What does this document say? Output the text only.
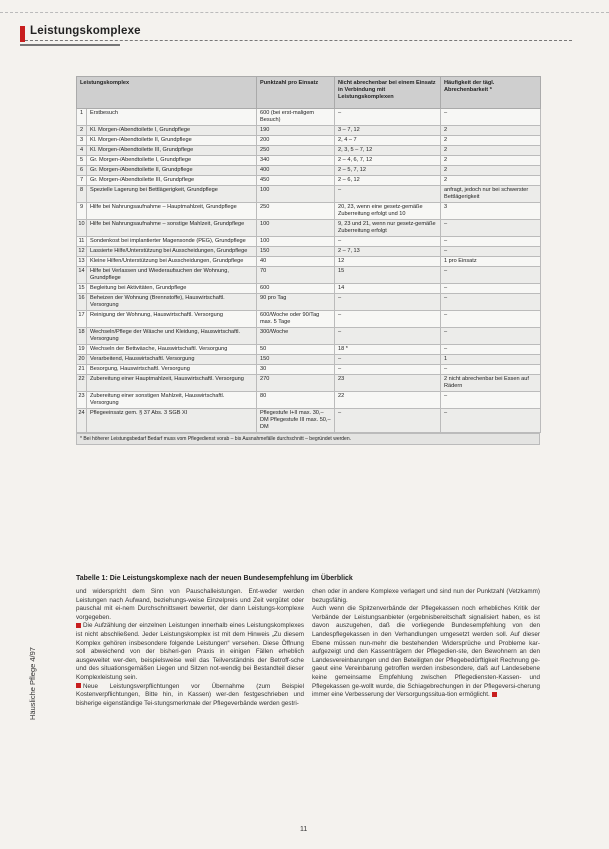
Leistungskomplexe
Leistungskomplex		Punktzahl pro Einsatz	Nicht abrechenbar bei einem Einsatz in Verbindung mit Leistungskomplexen	Häufigkeit der tägl. Abrechenbarkeit *
1	Erstbesuch	600 (bei erst-maligem Besuch)	–	–
2	Kl. Morgen-/Abendtoilette I, Grundpflege	190	3 – 7, 12	2
3	Kl. Morgen-/Abendtoilette II, Grundpflege	200	2, 4 – 7	2
4	Kl. Morgen-/Abendtoilette III, Grundpflege	250	2, 3, 5 – 7, 12	2
5	Gr. Morgen-/Abendtoilette I, Grundpflege	340	2 – 4, 6, 7, 12	2
6	Gr. Morgen-/Abendtoilette II, Grundpflege	400	2 – 5, 7, 12	2
7	Gr. Morgen-/Abendtoilette III, Grundpflege	450	2 – 6, 12	2
8	Spezielle Lagerung bei Bettlägerigkeit, Grundpflege	100	–	anfragt, jedoch nur bei schwerster Bettlägerigkeit
9	Hilfe bei Nahrungsaufnahme – Hauptmahlzeit, Grundpflege	250	20, 23, wenn eine gesetz-gemäße Zuberreitung erfolgt und 10	3
10	Hilfe bei Nahrungsaufnahme – sonstige Mahlzeit, Grundpflege	100	9, 23 und 21, wenn nur gesetz-gemäße Zuberreitung erfolgt	–
11	Sondenkost bei implantierter Magensonde (PEG), Grundpflege	100	–	–
12	Lassierte Hilfe/Unterstützung bei Ausscheidungen, Grundpflege	150	2 – 7, 13	–
13	Kleine Hilfen/Unterstützung bei Ausscheidungen, Grundpflege	40	12	1 pro Einsatz
14	Hilfe bei Verlassen und Wiederaufsuchen der Wohnung, Grundpflege	70	15	–
15	Begleitung bei Aktivitäten, Grundpflege	600	14	–
16	Beheizen der Wohnung (Brennstoffe), Hauswirtschaftl. Versorgung	90 pro Tag	–	–
17	Reinigung der Wohnung, Hauswirtschaftl. Versorgung	600/Woche oder 90/Tag max. 5 Tage	–	–
18	Wechseln/Pflege der Wäsche und Kleidung, Hauswirtschaftl. Versorgung	300/Woche	–	–
19	Wechseln der Bettwäsche, Hauswirtschaftl. Versorgung	50	18 *	–
20	Verarbeitend, Hauswirtschaftl. Versorgung	150	–	1
21	Besorgung, Hauswirtschaftl. Versorgung	30	–	–
22	Zubereitung einer Hauptmahlzeit, Hauswirtschaftl. Versorgung	270	23	2 nicht abrechenbar bei Essen auf Rädern
23	Zubereitung einer sonstigen Mahlzeit, Hauswirtschaftl. Versorgung	80	22	–
24	Pflegeeinsatz gem. § 37 Abs. 3 SGB XI	Pflegestufe I+II max. 30,– DM Pflegestufe III max. 50,– DM	–	–
* Bei höherer Leistungsbedarf Bedarf muss vom Pflegedienst vorab – bis Ausnahmefälle durchschnitt – begründet werden.
Tabelle 1: Die Leistungskomplexe nach der neuen Bundesempfehlung im Überblick

und widerspricht dem Sinn von Pauschalleistungen. Ent-weder werden Leistungen nach Aufwand, beziehungs-weise Einzelpreis und Zeit vergütet oder pauschal mit ei-nem Durchschnittswert bewertet, der dann Leistungs-komplexe vorgegeben.

Die Aufzählung der einzelnen Leistungen innerhalb eines Leistungskomplexes ist nicht abschließend. Jeder Leistungskomplex ist mit dem Hinweis „Zu diesem Komplex gehören insbesondere folgende Leistungen“ versehen. Diese Öffnung soll abweichend von der bisheri-gen Praxis in einigen Fällen erheblich ausgeweitet wer-den, beispielsweise weil das Teilverständnis der Betroff-sche und des situationsgemäßen Liegen und Sitzen not-wendig bei Bestandteil dieser Komplexleistung sein.

Neue Leistungsverpflichtungen vor Übernahme (zum Beispiel Kostenverpflichtungen, Bitte hin, in Kassen) wer-den festgeschrieben und bisherige eigenständige Tei-stungsmerkmale der Pflegeverbände werden gestri-

chen oder in andere Komplexe verlagert und sind nun der Punktzahl (Vetzkamm) bezugsfähig.

Auch wenn die Spitzenverbände der Pflegekassen noch erhebliches Kritik der Verbände der Leistungsanbieter (ergebnisbereitschaft signalisiert haben, es ist davon auszugehen, daß die vorliegende Bundesempfehlung von den Landespflegekassen in den Verhandlungen umgesetzt werden soll. Auf dieser Ebene müssen nun-mehr die bestehenden Widersprüche und Probleme kar-aufgezeigt und den Kassenträgern der Pflegedien-ste, den Bewohnern an den Landesvereinbarungen und den Beteiligten der Pflegebedürftigkeit Rechnung ge-gaeut eine Vereinbarung getroffen werden insbesondere, daß auf Landesebene keine gemeinsame Empfehlung zwischen Pflegediensten-Kassen- und Pflegekassen ge-wollt wurde, die Schiagebrechungen in der Pflegeversi-cherung immer eine Verbesserung der Versorgungssitua-tion ermöglicht.

Häusliche Pflege 4/97
11
